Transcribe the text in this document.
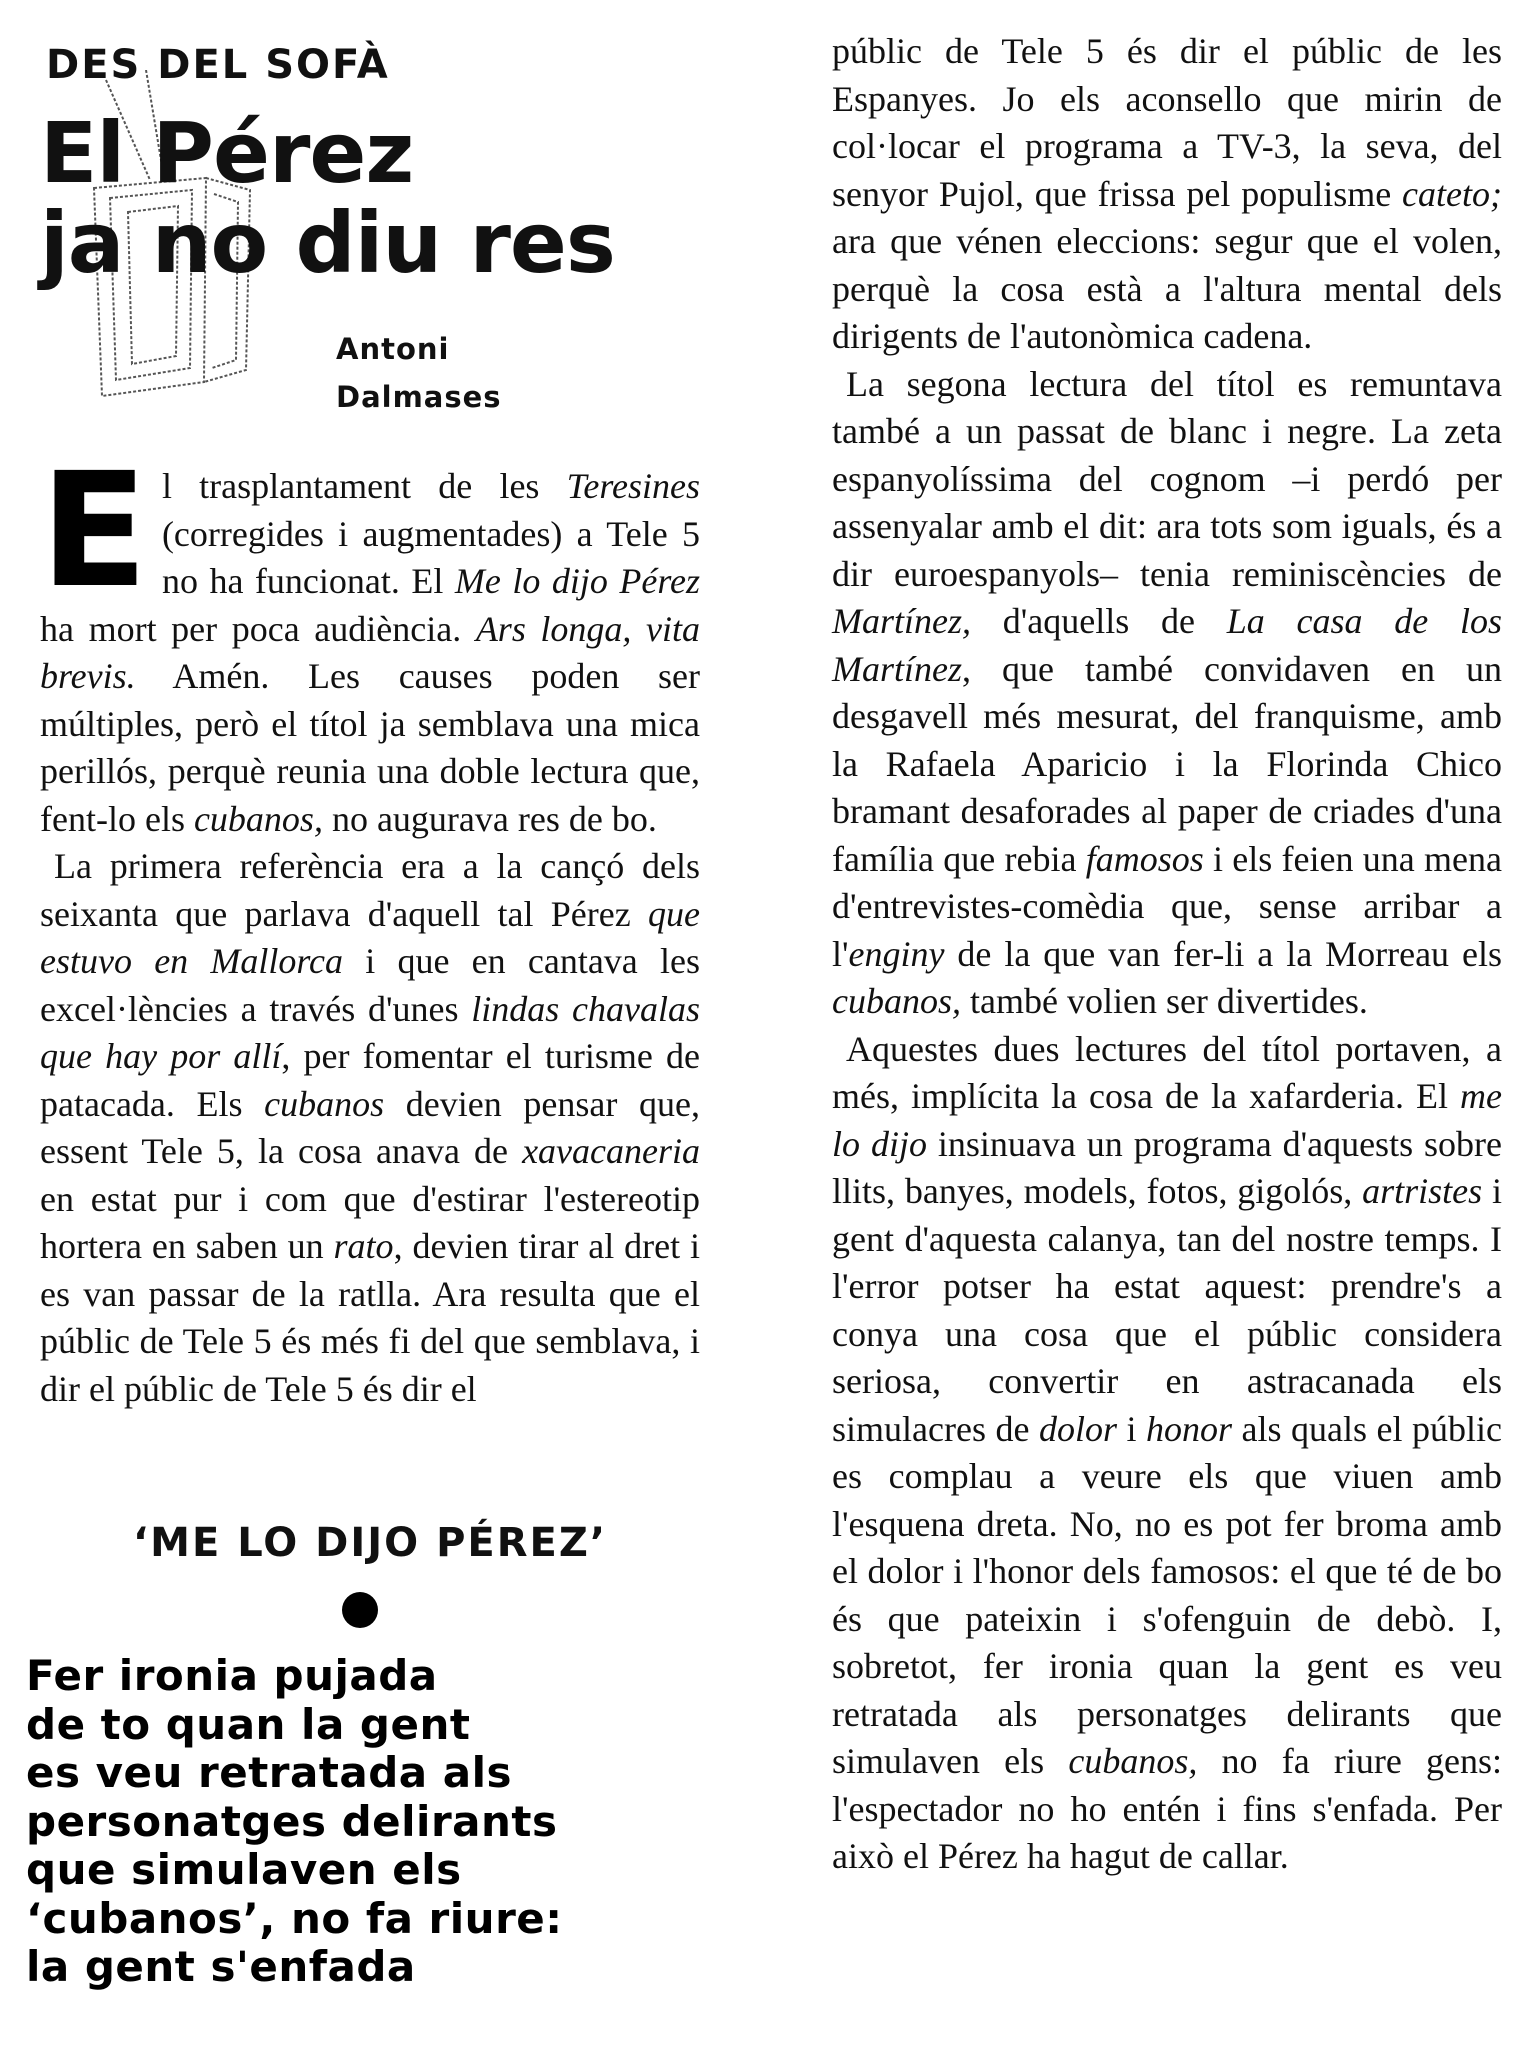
DES DEL SOFÀ
El Pérez
ja no diu res
Antoni
Dalmases

El trasplantament de les Teresines (corregides i augmentades) a Tele 5 no ha funcionat. El Me lo dijo Pérez ha mort per poca audiència. Ars longa, vita brevis. Amén. Les causes poden ser múltiples, però el títol ja semblava una mica perillós, perquè reunia una doble lectura que, fent-lo els cubanos, no augurava res de bo.

La primera referència era a la cançó dels seixanta que parlava d'aquell tal Pérez que estuvo en Mallorca i que en cantava les excel·lències a través d'unes lindas chavalas que hay por allí, per fomentar el turisme de patacada. Els cubanos devien pensar que, essent Tele 5, la cosa anava de xavacaneria en estat pur i com que d'estirar l'estereotip hortera en saben un rato, devien tirar al dret i es van passar de la ratlla. Ara resulta que el públic de Tele 5 és més fi del que semblava, i dir el públic de Tele 5 és dir el

‘ME LO DIJO PÉREZ’
Fer ironia pujada
de to quan la gent
es veu retratada als
personatges delirants
que simulaven els
‘cubanos’, no fa riure:
la gent s'enfada

públic de Tele 5 és dir el públic de les Espanyes. Jo els aconsello que mirin de col·locar el programa a TV-3, la seva, del senyor Pujol, que frissa pel populisme cateto; ara que vénen eleccions: segur que el volen, perquè la cosa està a l'altura mental dels dirigents de l'autonòmica cadena.

La segona lectura del títol es remuntava també a un passat de blanc i negre. La zeta espanyolíssima del cognom –i perdó per assenyalar amb el dit: ara tots som iguals, és a dir euroespanyols– tenia reminiscències de Martínez, d'aquells de La casa de los Martínez, que també convidaven en un desgavell més mesurat, del franquisme, amb la Rafaela Aparicio i la Florinda Chico bramant desaforades al paper de criades d'una família que rebia famosos i els feien una mena d'entrevistes-comèdia que, sense arribar a l'enginy de la que van fer-li a la Morreau els cubanos, també volien ser divertides.

Aquestes dues lectures del títol portaven, a més, implícita la cosa de la xafarderia. El me lo dijo insinuava un programa d'aquests sobre llits, banyes, models, fotos, gigolós, artristes i gent d'aquesta calanya, tan del nostre temps. I l'error potser ha estat aquest: prendre's a conya una cosa que el públic considera seriosa, convertir en astracanada els simulacres de dolor i honor als quals el públic es complau a veure els que viuen amb l'esquena dreta. No, no es pot fer broma amb el dolor i l'honor dels famosos: el que té de bo és que pateixin i s'ofenguin de debò. I, sobretot, fer ironia quan la gent es veu retratada als personatges delirants que simulaven els cubanos, no fa riure gens: l'espectador no ho entén i fins s'enfada. Per això el Pérez ha hagut de callar.
